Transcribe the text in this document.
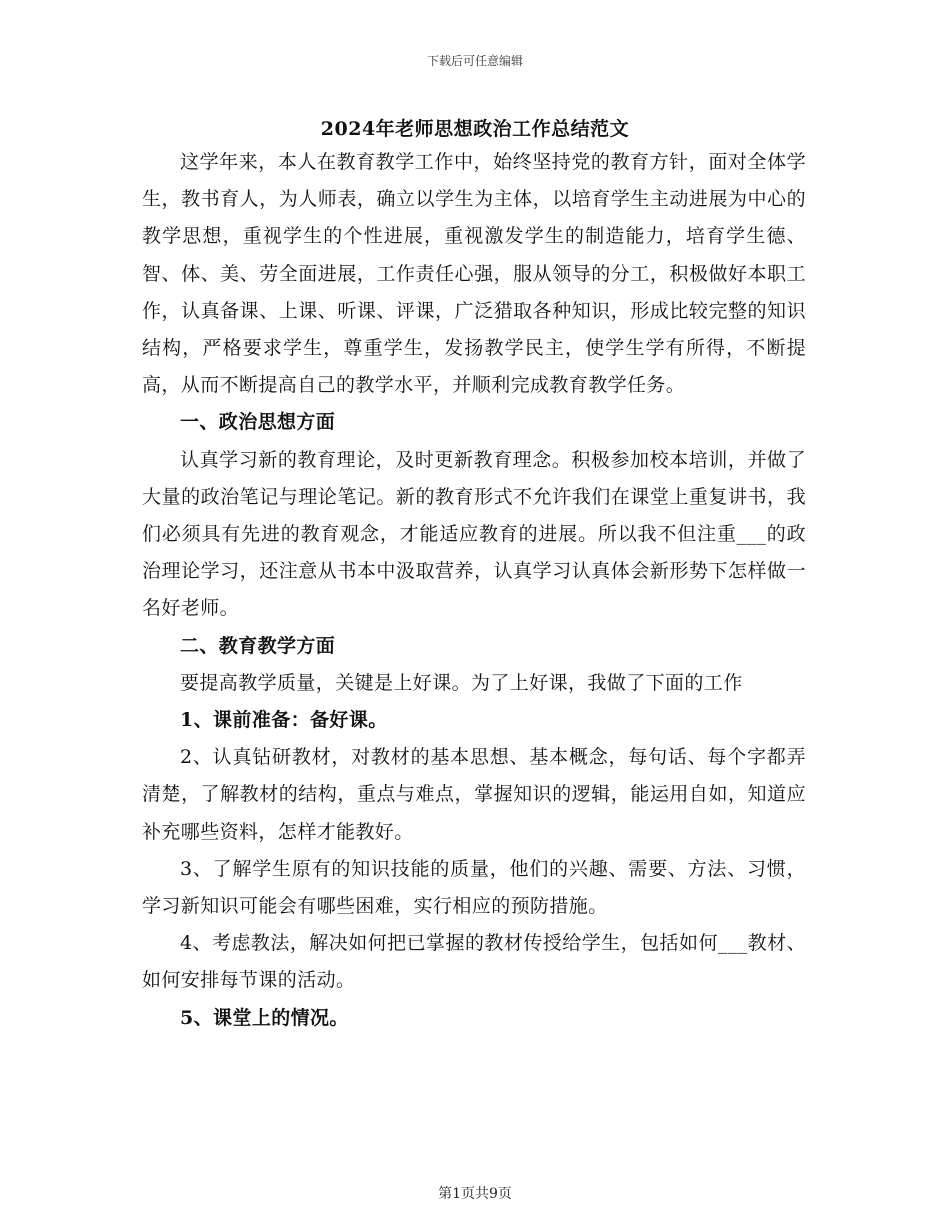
下载后可任意编辑
2024年老师思想政治工作总结范文

这学年来，本人在教育教学工作中，始终坚持党的教育方针，面对全体学生，教书育人，为人师表，确立以学生为主体，以培育学生主动进展为中心的教学思想，重视学生的个性进展，重视激发学生的制造能力，培育学生德、智、体、美、劳全面进展，工作责任心强，服从领导的分工，积极做好本职工作，认真备课、上课、听课、评课，广泛猎取各种知识，形成比较完整的知识结构，严格要求学生，尊重学生，发扬教学民主，使学生学有所得，不断提高，从而不断提高自己的教学水平，并顺利完成教育教学任务。

一、政治思想方面

认真学习新的教育理论，及时更新教育理念。积极参加校本培训，并做了大量的政治笔记与理论笔记。新的教育形式不允许我们在课堂上重复讲书，我们必须具有先进的教育观念，才能适应教育的进展。所以我不但注重___的政治理论学习，还注意从书本中汲取营养，认真学习认真体会新形势下怎样做一名好老师。

二、教育教学方面

要提高教学质量，关键是上好课。为了上好课，我做了下面的工作

1、课前准备：备好课。

2、认真钻研教材，对教材的基本思想、基本概念，每句话、每个字都弄清楚，了解教材的结构，重点与难点，掌握知识的逻辑，能运用自如，知道应补充哪些资料，怎样才能教好。

3、了解学生原有的知识技能的质量，他们的兴趣、需要、方法、习惯，学习新知识可能会有哪些困难，实行相应的预防措施。

4、考虑教法，解决如何把已掌握的教材传授给学生，包括如何___教材、如何安排每节课的活动。

5、课堂上的情况。

第1页共9页
